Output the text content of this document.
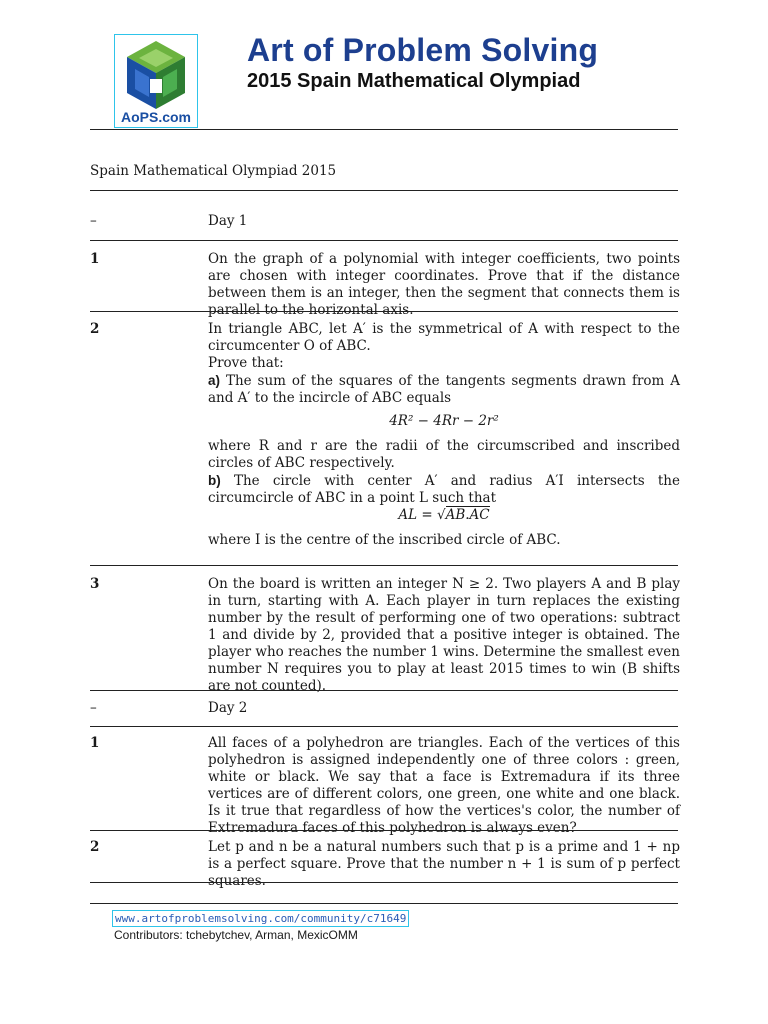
AoPS.com
Art of Problem Solving
2015 Spain Mathematical Olympiad
Spain Mathematical Olympiad 2015
–	Day 1
1	On the graph of a polynomial with integer coefficients, two points are chosen with integer coordinates. Prove that if the distance between them is an integer, then the segment that connects them is parallel to the horizontal axis.

2	In triangle ABC, let A′ is the symmetrical of A with respect to the circumcenter O of ABC.

Prove that:

a) The sum of the squares of the tangents segments drawn from A and A′ to the incircle of ABC equals

4R² − 4Rr − 2r²

where R and r are the radii of the circumscribed and inscribed circles of ABC respectively.

b) The circle with center A′ and radius A′I intersects the circumcircle of ABC in a point L such that

AL = √AB.AC

where I is the centre of the inscribed circle of ABC.

3	On the board is written an integer N ≥ 2. Two players A and B play in turn, starting with A. Each player in turn replaces the existing number by the result of performing one of two operations: subtract 1 and divide by 2, provided that a positive integer is obtained. The player who reaches the number 1 wins. Determine the smallest even number N requires you to play at least 2015 times to win (B shifts are not counted).

–	Day 2
1	All faces of a polyhedron are triangles. Each of the vertices of this polyhedron is assigned independently one of three colors : green, white or black. We say that a face is Extremadura if its three vertices are of different colors, one green, one white and one black. Is it true that regardless of how the vertices's color, the number of Extremadura faces of this polyhedron is always even?

2	Let p and n be a natural numbers such that p is a prime and 1 + np is a perfect square. Prove that the number n + 1 is sum of p perfect squares.

www.artofproblemsolving.com/community/c71649
Contributors: tchebytchev, Arman, MexicOMM
